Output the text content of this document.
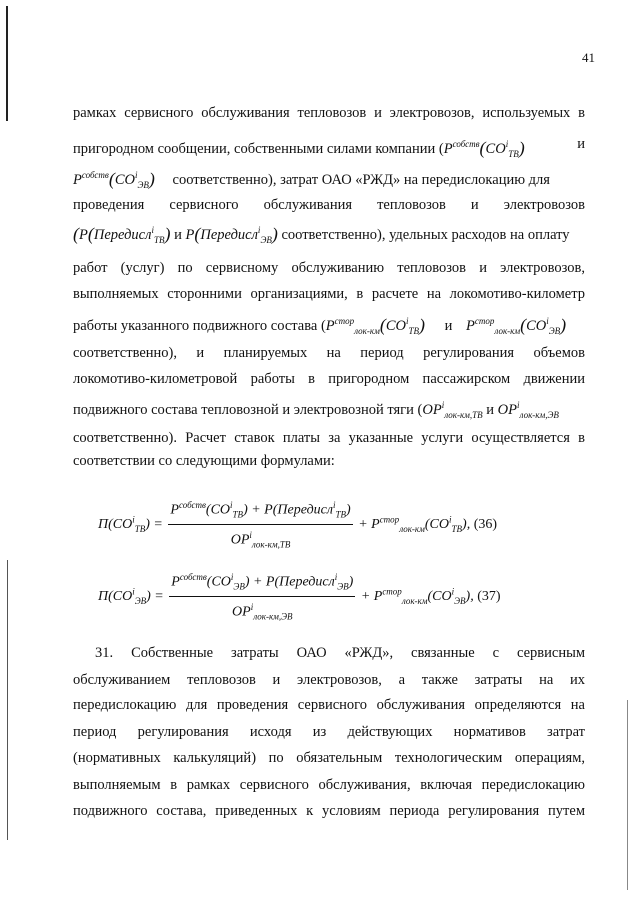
41
рамках сервисного обслуживания тепловозов и электровозов, используемых в
пригородном сообщении, собственными силами компании ($P^{собств}(CO^i_{ТВ})$	и
$P^{собств}(CO^i_{ЭВ})$ соответственно), затрат ОАО «РЖД» на передислокацию для
проведения сервисного обслуживания тепловозов и электровозов
(P(Передисл$^i_{ТВ}$) и P(Передисл$^i_{ЭВ}$) соответственно), удельных расходов на оплату
работ (услуг) по сервисному обслуживанию тепловозов и электровозов,
выполняемых сторонними организациями, в расчете на локомотиво-километр
работы указанного подвижного состава ($P^{стор}_{лок-км}(CO^i_{ТВ})$ и $P^{стор}_{лок-км}(CO^i_{ЭВ})$
соответственно), и планируемых на период регулирования объемов
локомотиво-километровой работы в пригородном пассажирском движении
подвижного состава тепловозной и электровозной тяги ($OP^i_{лок-км,ТВ}$ и $OP^i_{лок-км,ЭВ}$
соответственно). Расчет ставок платы за указанные услуги осуществляется в
соответствии со следующими формулами:
$П(CO^i_{ТВ}) = \frac{P^{собств}(CO^i_{ТВ}) + P(Передисл^i_{ТВ})}{OP^i_{лок-км,ТВ}} + P^{стор}_{лок-км}(CO^i_{ТВ})$, (36)
$П(CO^i_{ЭВ}) = \frac{P^{собств}(CO^i_{ЭВ}) + P(Передисл^i_{ЭВ})}{OP^i_{лок-км,ЭВ}} + P^{стор}_{лок-км}(CO^i_{ЭВ})$, (37)
31. Собственные затраты ОАО «РЖД», связанные с сервисным
обслуживанием тепловозов и электровозов, а также затраты на их
передислокацию для проведения сервисного обслуживания определяются на
период регулирования исходя из действующих нормативов затрат
(нормативных калькуляций) по обязательным технологическим операциям,
выполняемым в рамках сервисного обслуживания, включая передислокацию
подвижного состава, приведенных к условиям периода регулирования путем
